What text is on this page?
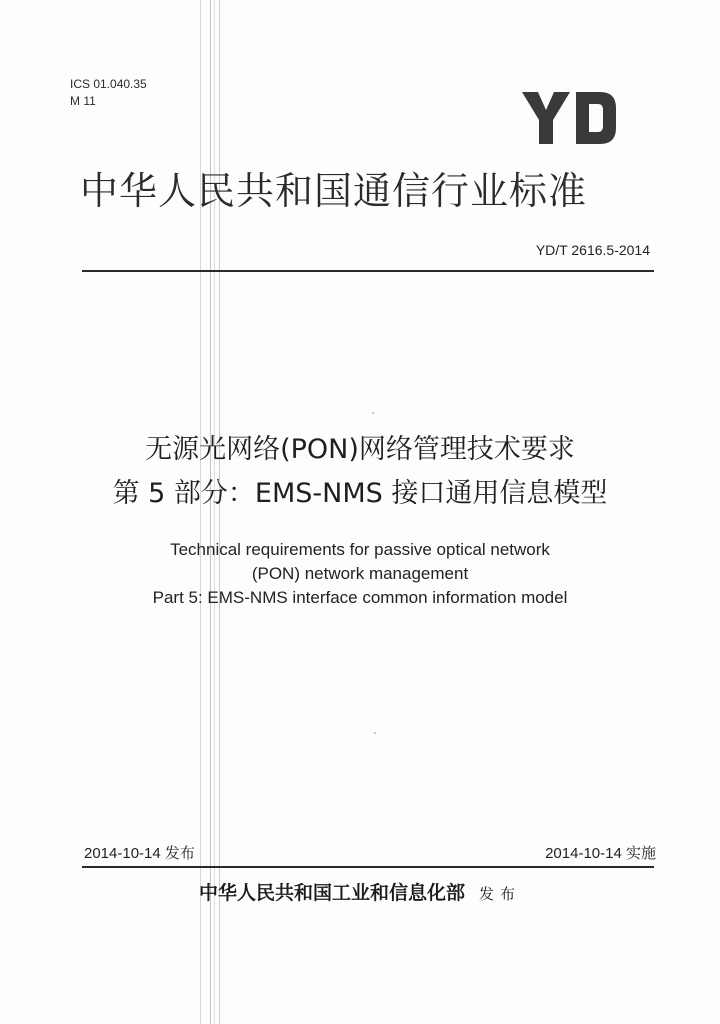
ICS 01.040.35
M 11
中华人民共和国通信行业标准
YD/T 2616.5-2014
无源光网络(PON)网络管理技术要求
第 5 部分：EMS-NMS 接口通用信息模型
Technical requirements for passive optical network
(PON) network management
Part 5: EMS-NMS interface common information model
2014-10-14 发布	2014-10-14 实施
中华人民共和国工业和信息化部 发布
